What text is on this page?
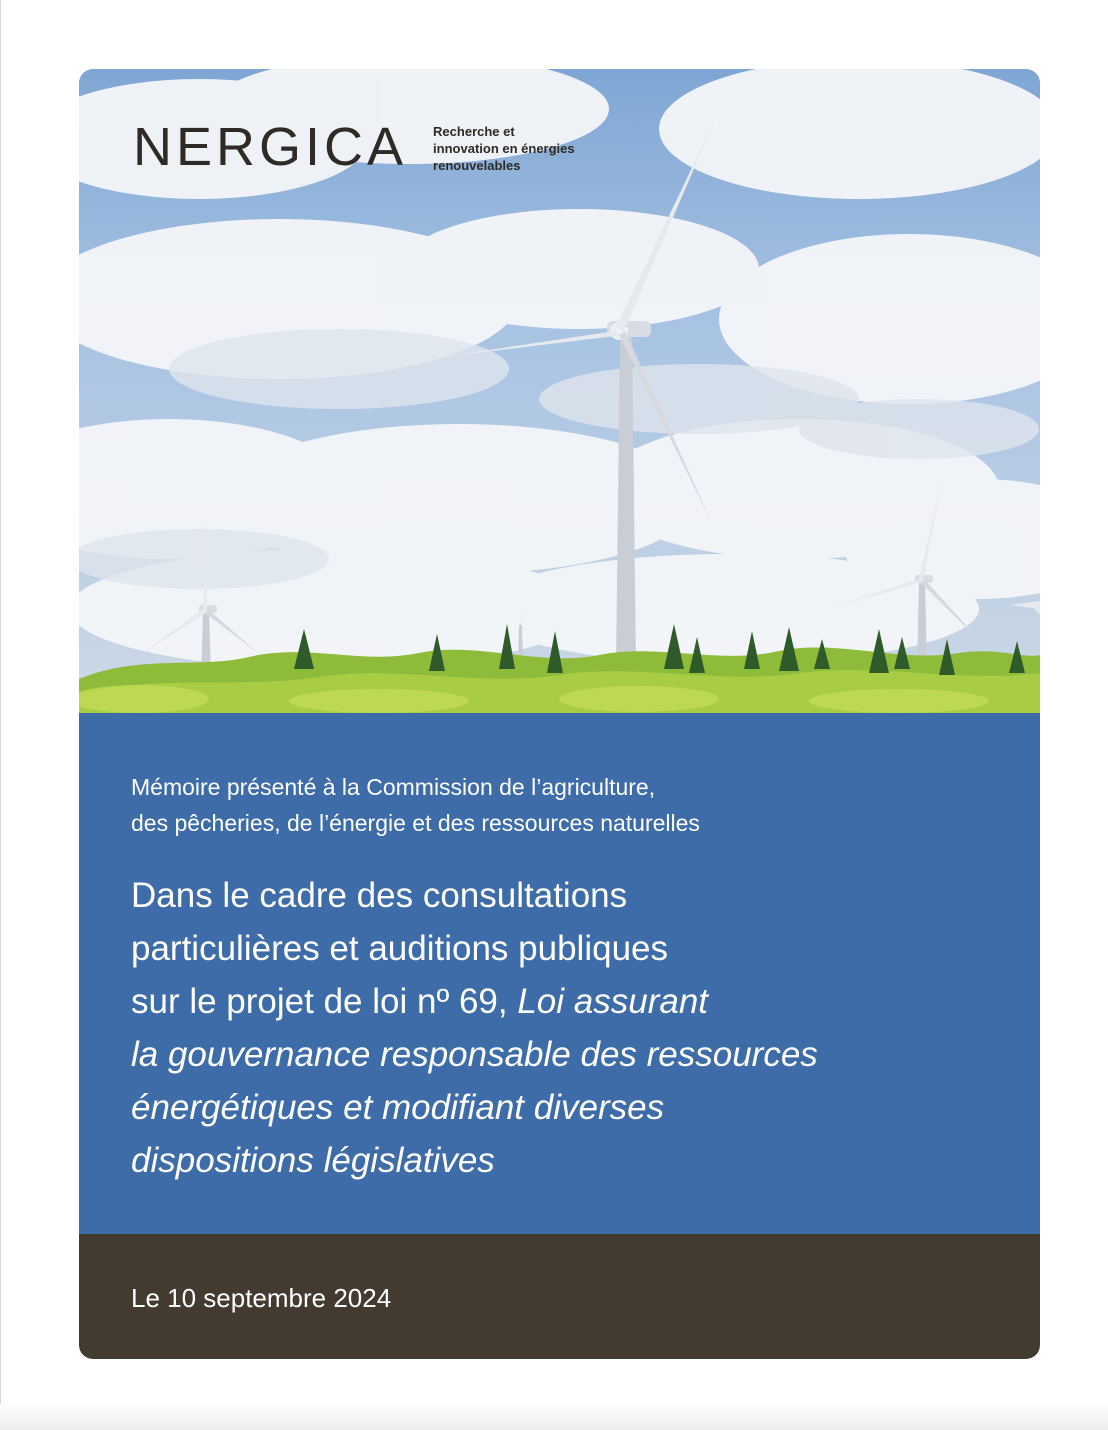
NERGICA Recherche et
innovation en énergies
renouvelables
Mémoire présenté à la Commission de l’agriculture,
des pêcheries, de l’énergie et des ressources naturelles
Dans le cadre des consultations
particulières et auditions publiques
sur le projet de loi nº 69, Loi assurant
la gouvernance responsable des ressources
énergétiques et modifiant diverses
dispositions législatives
Le 10 septembre 2024
